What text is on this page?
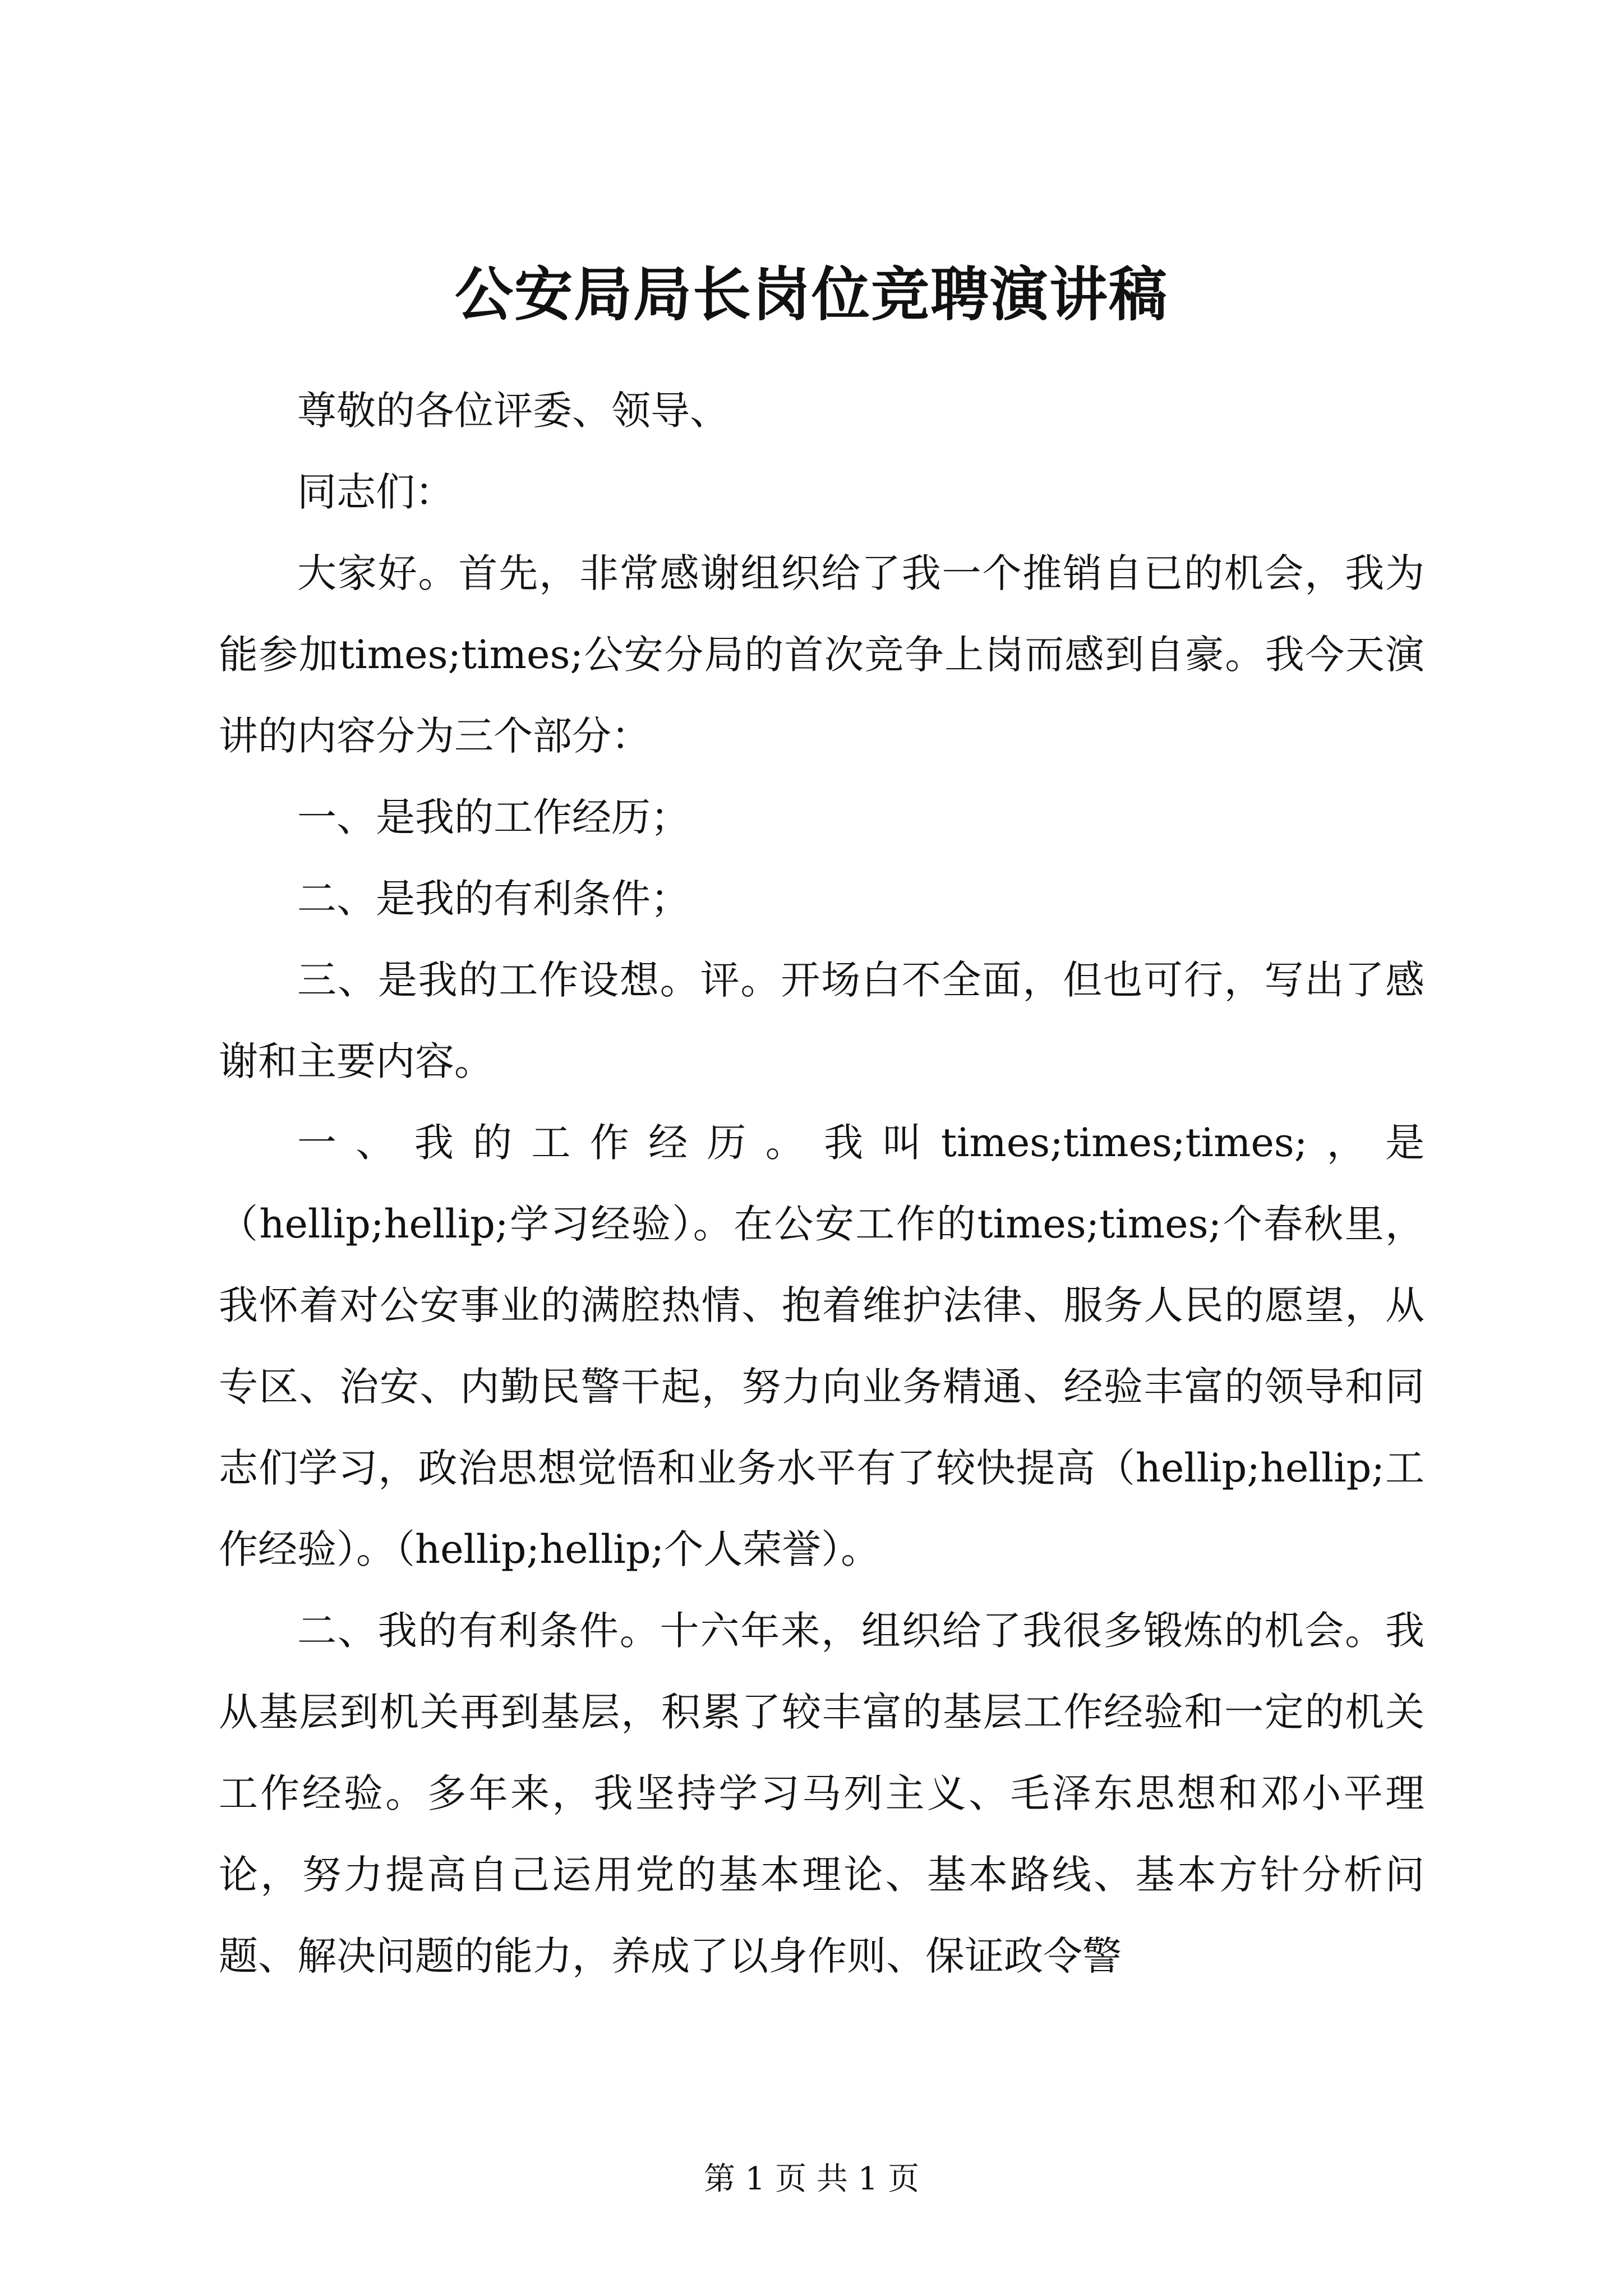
公安局局长岗位竞聘演讲稿

尊敬的各位评委、领导、

同志们：

大家好。首先，非常感谢组织给了我一个推销自已的机会，我为能参加times;times;公安分局的首次竞争上岗而感到自豪。我今天演讲的内容分为三个部分：

一、是我的工作经历；

二、是我的有利条件；

三、是我的工作设想。评。开场白不全面，但也可行，写出了感谢和主要内容。

一、我的工作经历。我叫times;times;times;，是（hellip;hellip;学习经验）。在公安工作的times;times;个春秋里，我怀着对公安事业的满腔热情、抱着维护法律、服务人民的愿望，从专区、治安、内勤民警干起，努力向业务精通、经验丰富的领导和同志们学习，政治思想觉悟和业务水平有了较快提高（hellip;hellip;工作经验）。（hellip;hellip;个人荣誉）。

二、我的有利条件。十六年来，组织给了我很多锻炼的机会。我从基层到机关再到基层，积累了较丰富的基层工作经验和一定的机关工作经验。多年来，我坚持学习马列主义、毛泽东思想和邓小平理论，努力提高自己运用党的基本理论、基本路线、基本方针分析问题、解决问题的能力，养成了以身作则、保证政令警

第 1 页 共 1 页
